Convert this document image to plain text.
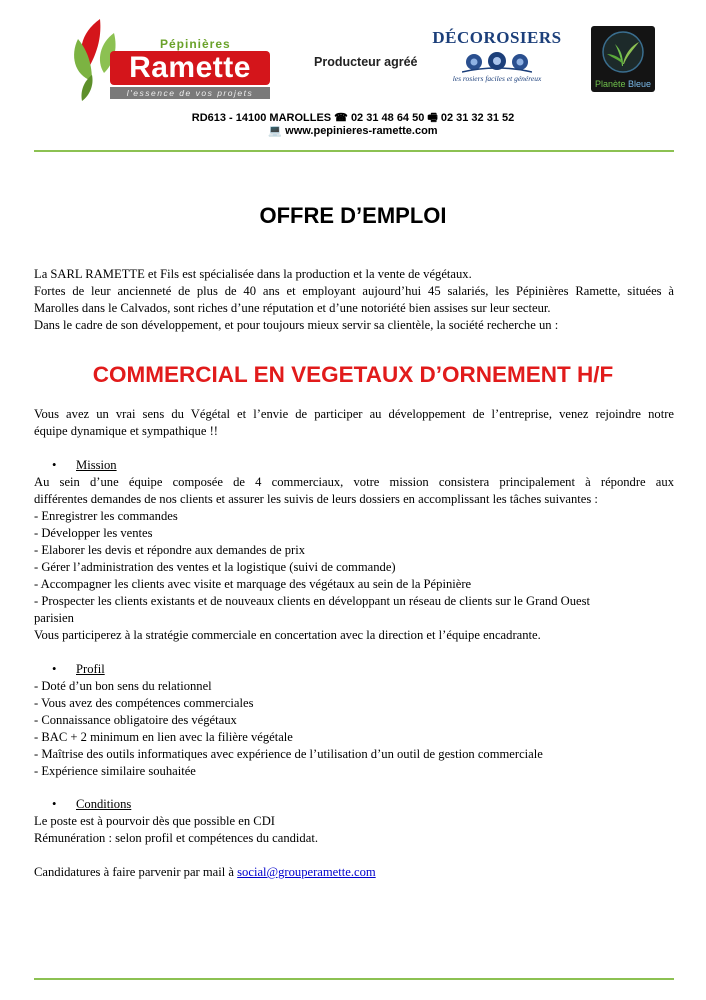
Pépinières
Ramette
l'essence de vos projets
Producteur agréé
DÉCOROSIERS
les rosiers faciles et généreux
Planète Bleue
RD613 - 14100 MAROLLES ☎ 02 31 48 64 50 🖷 02 31 32 31 52
💻 www.pepinieres-ramette.com
OFFRE D’EMPLOI
La SARL RAMETTE et Fils est spécialisée dans la production et la vente de végétaux.
Fortes de leur ancienneté de plus de 40 ans et employant aujourd’hui 45 salariés, les Pépinières Ramette, situées à
Marolles dans le Calvados, sont riches d’une réputation et d’une notoriété bien assises sur leur secteur.
Dans le cadre de son développement, et pour toujours mieux servir sa clientèle, la société recherche un :
COMMERCIAL EN VEGETAUX D’ORNEMENT H/F
Vous avez un vrai sens du Végétal et l’envie de participer au développement de l’entreprise, venez rejoindre notre
équipe dynamique et sympathique !!
• Mission
Au sein d’une équipe composée de 4 commerciaux, votre mission consistera principalement à répondre aux
différentes demandes de nos clients et assurer les suivis de leurs dossiers en accomplissant les tâches suivantes :
- Enregistrer les commandes
- Développer les ventes
- Elaborer les devis et répondre aux demandes de prix
- Gérer l’administration des ventes et la logistique (suivi de commande)
- Accompagner les clients avec visite et marquage des végétaux au sein de la Pépinière
- Prospecter les clients existants et de nouveaux clients en développant un réseau de clients sur le Grand Ouest
parisien
Vous participerez à la stratégie commerciale en concertation avec la direction et l’équipe encadrante.
• Profil
- Doté d’un bon sens du relationnel
- Vous avez des compétences commerciales
- Connaissance obligatoire des végétaux
- BAC + 2 minimum en lien avec la filière végétale
- Maîtrise des outils informatiques avec expérience de l’utilisation d’un outil de gestion commerciale
- Expérience similaire souhaitée
• Conditions
Le poste est à pourvoir dès que possible en CDI
Rémunération : selon profil et compétences du candidat.
Candidatures à faire parvenir par mail à social@grouperamette.com
